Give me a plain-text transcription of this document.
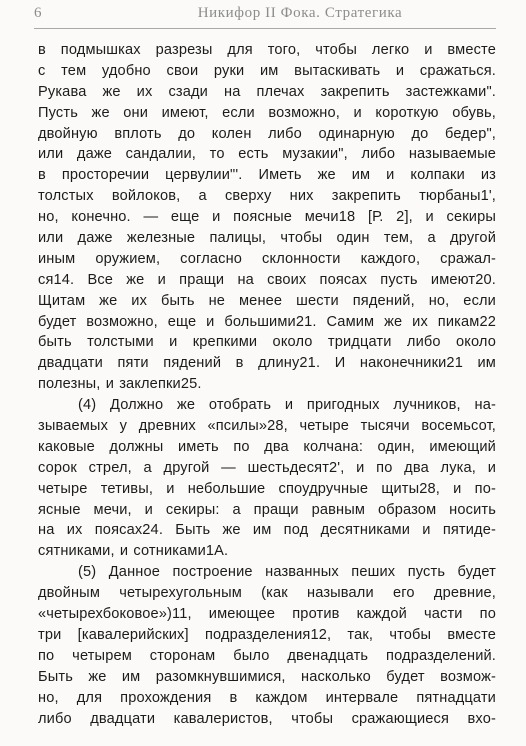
6	Никифор II Фока. Стратегика
в подмышках разрезы для того, чтобы легко и вместе
с тем удобно свои руки им вытаскивать и сражаться.
Рукава же их сзади на плечах закрепить застежками".
Пусть же они имеют, если возможно, и короткую обувь,
двойную вплоть до колен либо одинарную до бедер",
или даже сандалии, то есть музакии", либо называемые
в просторечии цервулии"'. Иметь же им и колпаки из
толстых войлоков, а сверху них закрепить тюрбаны1',
но, конечно. — еще и поясные мечи18 [Р. 2], и секиры
или даже железные палицы, чтобы один тем, а другой
иным оружием, согласно склонности каждого, сражал-
ся14. Все же и пращи на своих поясах пусть имеют20.
Щитам же их быть не менее шести пядений, но, если
будет возможно, еще и большими21. Самим же их пикам22
быть толстыми и крепкими около тридцати либо около
двадцати пяти пядений в длину21. И наконечники21 им
полезны, и заклепки25.
(4) Должно же отобрать и пригодных лучников, на-
зываемых у древних «псилы»28, четыре тысячи восемьсот,
каковые должны иметь по два колчана: один, имеющий
сорок стрел, а другой — шестьдесят2', и по два лука, и
четыре тетивы, и небольшие споудручные щиты28, и по-
ясные мечи, и секиры: а пращи равным образом носить
на их поясах24. Быть же им под десятниками и пятиде-
сятниками, и сотниками1А.
(5) Данное построение названных пеших пусть будет
двойным четырехугольным (как называли его древние,
«четырехбоковое»)11, имеющее против каждой части по
три [кавалерийских] подразделения12, так, чтобы вместе
по четырем сторонам было двенадцать подразделений.
Быть же им разомкнувшимися, насколько будет возмож-
но, для прохождения в каждом интервале пятнадцати
либо двадцати кавалеристов, чтобы сражающиеся вхо-
